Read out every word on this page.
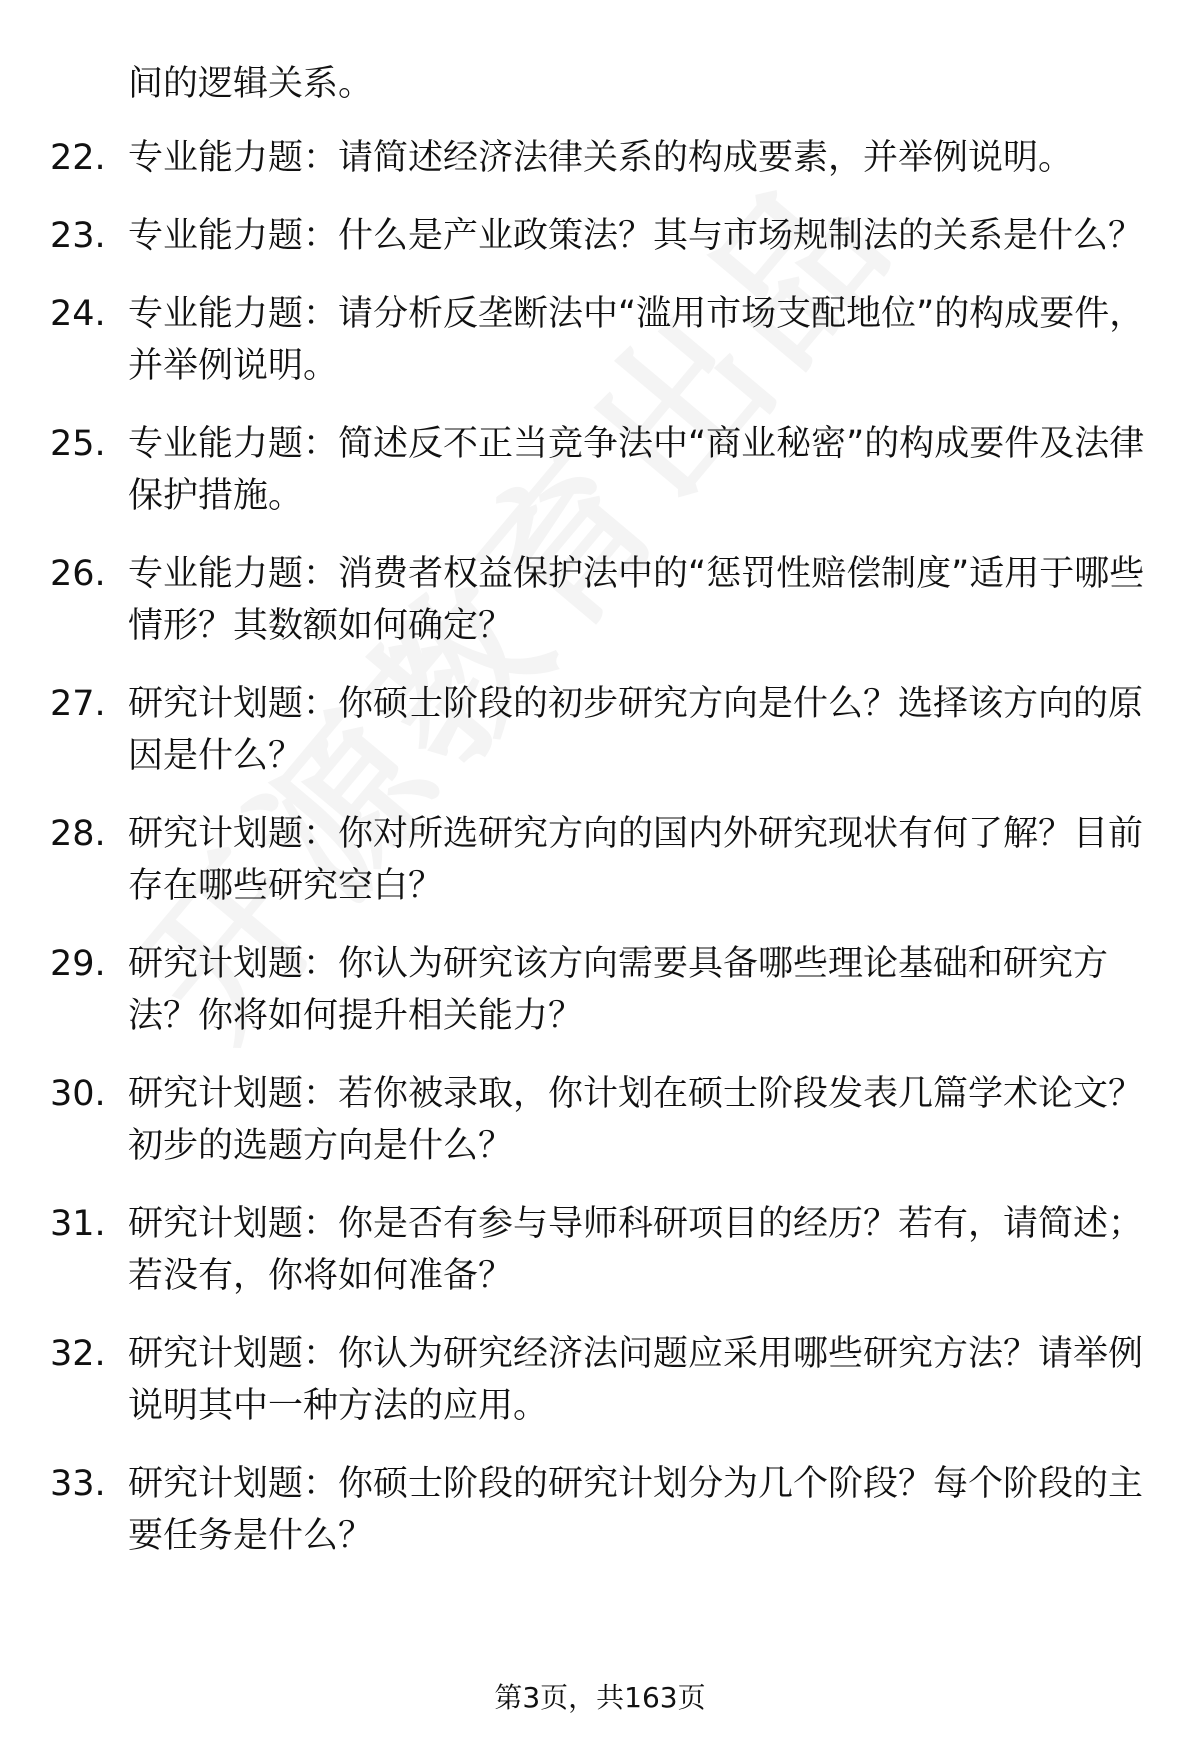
间的逻辑关系。

22. 专业能力题：请简述经济法律关系的构成要素，并举例说明。

23. 专业能力题：什么是产业政策法？其与市场规制法的关系是什么？

24. 专业能力题：请分析反垄断法中“滥用市场支配地位”的构成要件，并举例说明。

25. 专业能力题：简述反不正当竞争法中“商业秘密”的构成要件及法律保护措施。

26. 专业能力题：消费者权益保护法中的“惩罚性赔偿制度”适用于哪些情形？其数额如何确定？

27. 研究计划题：你硕士阶段的初步研究方向是什么？选择该方向的原因是什么？

28. 研究计划题：你对所选研究方向的国内外研究现状有何了解？目前存在哪些研究空白？

29. 研究计划题：你认为研究该方向需要具备哪些理论基础和研究方法？你将如何提升相关能力？

30. 研究计划题：若你被录取，你计划在硕士阶段发表几篇学术论文？初步的选题方向是什么？

31. 研究计划题：你是否有参与导师科研项目的经历？若有，请简述；若没有，你将如何准备？

32. 研究计划题：你认为研究经济法问题应采用哪些研究方法？请举例说明其中一种方法的应用。

33. 研究计划题：你硕士阶段的研究计划分为几个阶段？每个阶段的主要任务是什么？

第3页，共163页
